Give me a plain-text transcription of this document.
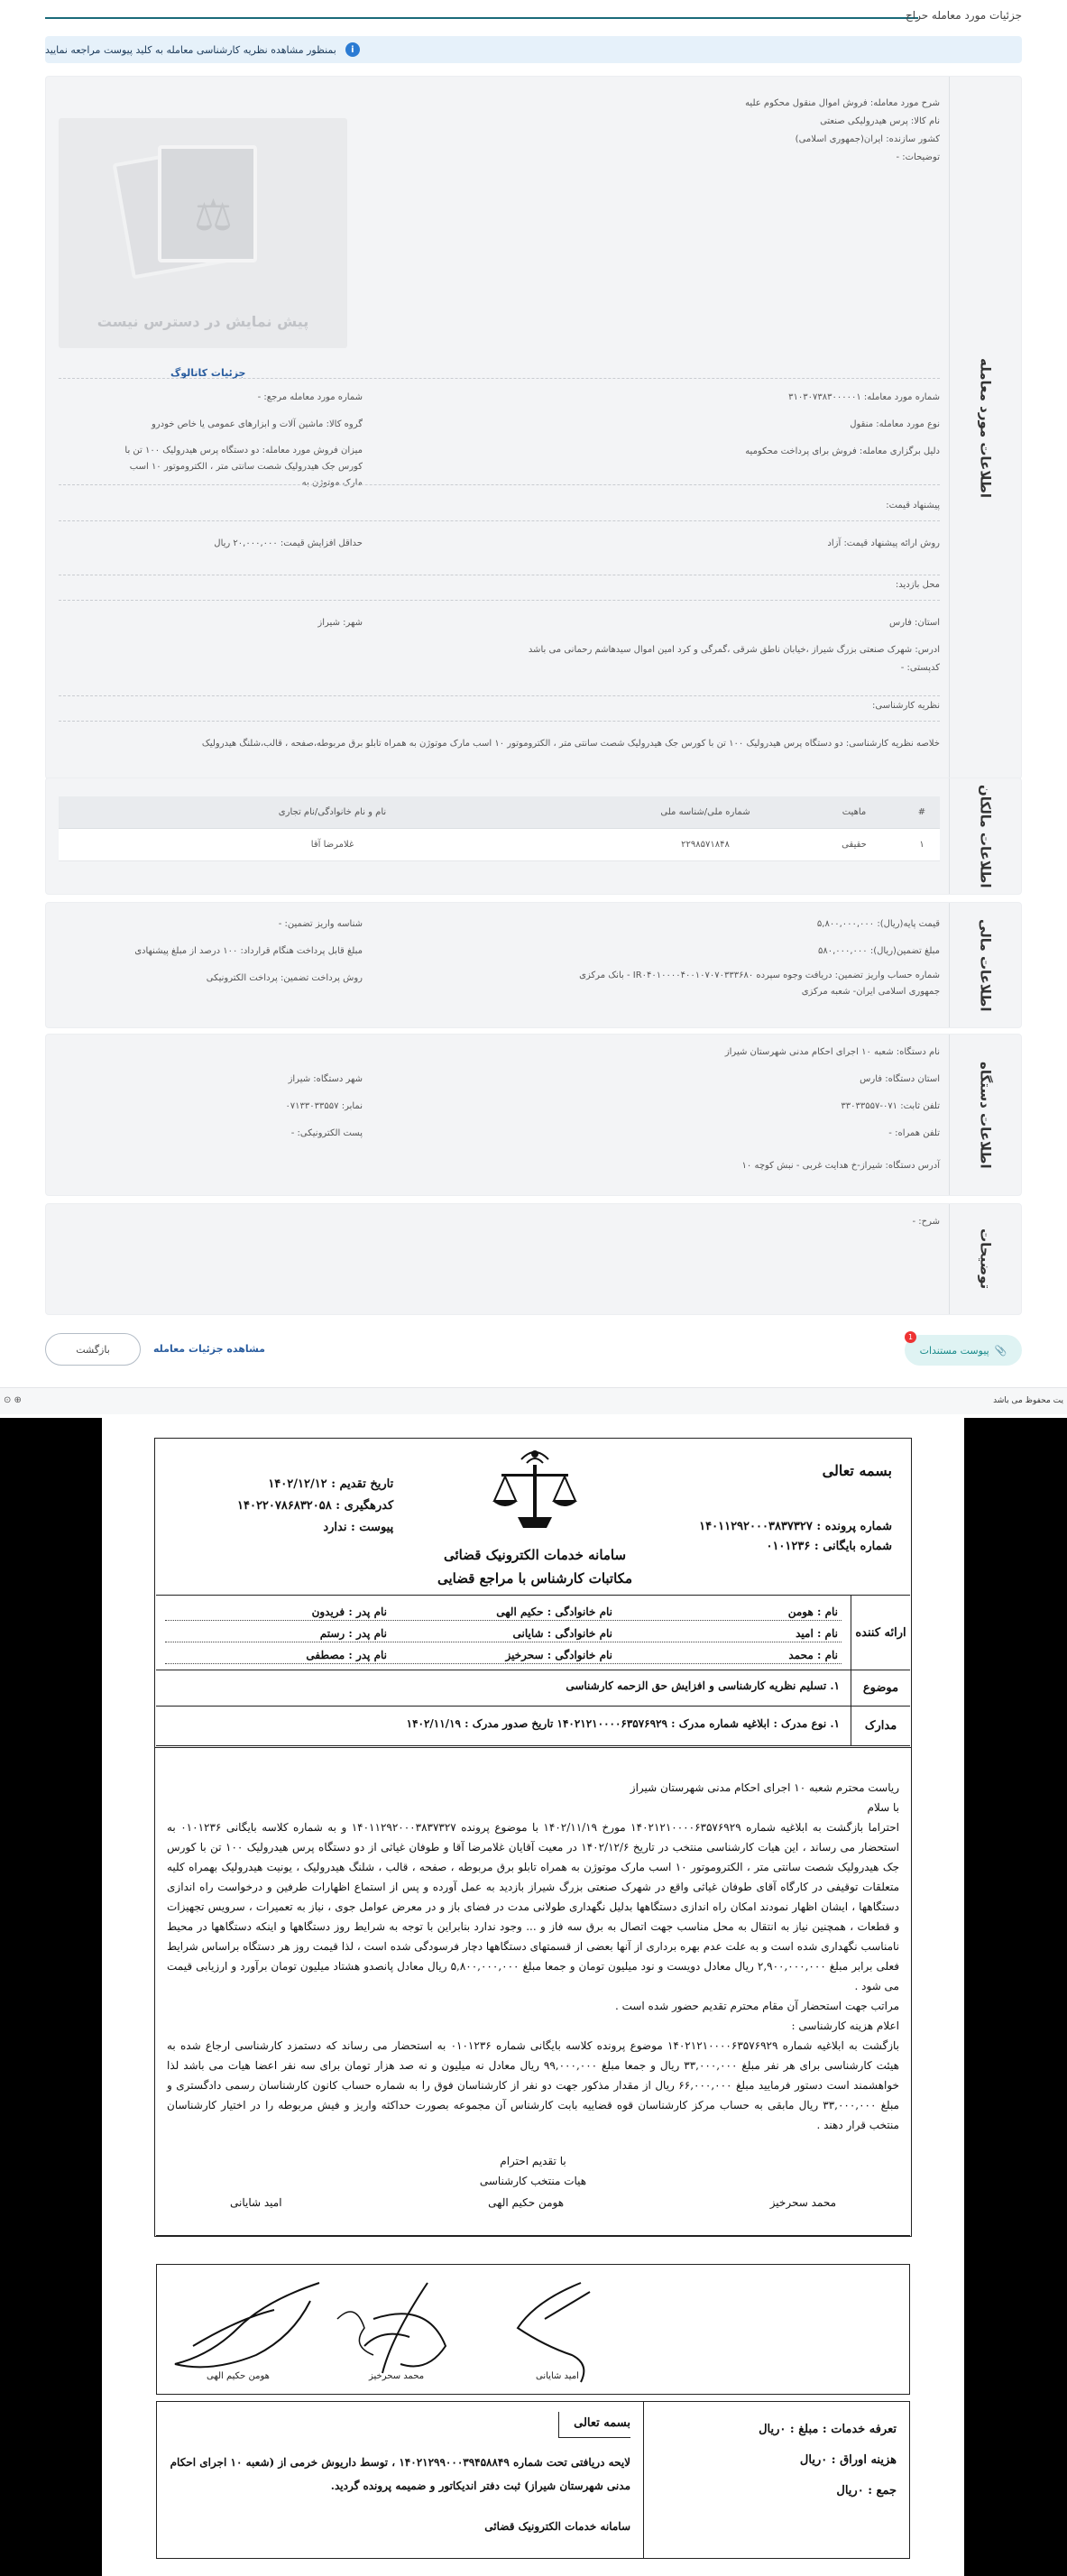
جزئیات مورد معامله حراج
i
بمنظور مشاهده نظریه کارشناسی معامله به کلید پیوست مراجعه نمایید
اطلاعات مورد معامله
شرح مورد معامله: فروش اموال منقول محکوم علیه
نام کالا: پرس هیدرولیکی صنعتی
کشور سازنده: ایران(جمهوری اسلامی)
توضیحات: -
⚖
پیش نمایش در دسترس نیست
جزئیات کاتالوگ
شماره مورد معامله: ۳۱۰۳۰۷۳۸۳۰۰۰۰۰۱
شماره مورد معامله مرجع: -
نوع مورد معامله: منقول
گروه کالا: ماشین آلات و ابزارهای عمومی یا خاص خودرو
دلیل برگزاری معامله: فروش برای پرداخت محکومیه
میزان فروش مورد معامله: دو دستگاه پرس هیدرولیک ۱۰۰ تن با کورس جک هیدرولیک شصت سانتی متر ، الکتروموتور ۱۰ اسب مارک موتوژن به
پیشنهاد قیمت:
روش ارائه پیشنهاد قیمت: آزاد
حداقل افزایش قیمت: ۲۰,۰۰۰,۰۰۰ ریال
محل بازدید:
استان: فارس
شهر: شیراز
ادرس: شهرک صنعتی بزرگ شیراز ،خیابان ناطق شرقی ،گمرگی و کرد امین اموال سیدهاشم رحمانی می باشد
کدپستی: -
نظریه کارشناسی:
خلاصه نظریه کارشناسی: دو دستگاه پرس هیدرولیک ۱۰۰ تن با کورس جک هیدرولیک شصت سانتی متر ، الکتروموتور ۱۰ اسب مارک موتوژن به همراه تابلو برق مربوطه،صفحه ، قالب،شلنگ هیدرولیک
اطلاعات مالکان
#	ماهیت	شماره ملی/شناسه ملی	نام و نام خانوادگی/نام تجاری
۱	حقیقی	۲۲۹۸۵۷۱۸۴۸	غلامرضا آقا
اطلاعات مالی
قیمت پایه(ریال): ۵,۸۰۰,۰۰۰,۰۰۰
شناسه واریز تضمین: -
مبلغ تضمین(ریال): ۵۸۰,۰۰۰,۰۰۰
مبلغ قابل پرداخت هنگام قرارداد: ۱۰۰ درصد از مبلغ پیشنهادی
شماره حساب واریز تضمین: دریافت وجوه سپرده IR۰۴۰۱۰۰۰۰۴۰۰۱۰۷۰۷۰۳۳۳۶۸۰ - بانک مرکزی جمهوری اسلامی ایران- شعبه مرکزی
روش پرداخت تضمین: پرداخت الکترونیکی
اطلاعات دستگاه
نام دستگاه: شعبه ۱۰ اجرای احکام مدنی شهرستان شیراز
استان دستگاه: فارس
شهر دستگاه: شیراز
تلفن ثابت: ۰۷۱-۳۳۰۳۳۵۵۷
نمابر: ۰۷۱۳۳۰۳۳۵۵۷
تلفن همراه: -
پست الکترونیکی: -
آدرس دستگاه: شیراز-خ هدایت غربی - نبش کوچه ۱۰
توضیحات
شرح: -
📎
پیوست مستندات
1
مشاهده جزئیات معامله
بازگشت
⊙ ⊕	یت محفوظ می باشد
بسمه تعالی
شماره پرونده : ۱۴۰۱۱۲۹۲۰۰۰۳۸۳۷۳۲۷
شماره بایگانی : ۰۱۰۱۲۳۶
سامانه خدمات الکترونیک قضائی
مکاتبات کارشناس با مراجع قضایی
تاریخ تقدیم : ۱۴۰۲/۱۲/۱۲
کدرهگیری : ۱۴۰۲۲۰۷۸۶۸۳۲۰۵۸
پیوست : ندارد
ارائه کننده
نام : هومن
نام خانوادگی : حکیم الهی
نام پدر : فریدون
نام : امید
نام خانوادگی : شایانی
نام پدر : رستم
نام : محمد
نام خانوادگی : سحرخیز
نام پدر : مصطفی
موضوع
۱. تسلیم نظریه کارشناسی و افزایش حق الزحمه کارشناسی
مدارک
۱. نوع مدرک : ابلاغیه شماره مدرک : ۱۴۰۲۱۲۱۰۰۰۰۶۳۵۷۶۹۲۹ تاریخ صدور مدرک : ۱۴۰۲/۱۱/۱۹

ریاست محترم شعبه ۱۰ اجرای احکام مدنی شهرستان شیراز

با سلام

احتراما بازگشت به ابلاغیه شماره ۱۴۰۲۱۲۱۰۰۰۰۶۳۵۷۶۹۲۹ مورخ ۱۴۰۲/۱۱/۱۹ با موضوع پرونده ۱۴۰۱۱۲۹۲۰۰۰۳۸۳۷۳۲۷ و به شماره کلاسه بایگانی ۰۱۰۱۲۳۶ به استحضار می رساند ، این هیات کارشناسی منتخب در تاریخ ۱۴۰۲/۱۲/۶ در معیت آقایان غلامرضا آقا و طوفان غیاثی از دو دستگاه پرس هیدرولیک ۱۰۰ تن با کورس جک هیدرولیک شصت سانتی متر ، الکتروموتور ۱۰ اسب مارک موتوژن به همراه تابلو برق مربوطه ، صفحه ، قالب ، شلنگ هیدرولیک ، یونیت هیدرولیک بهمراه کلیه متعلقات توقیفی در کارگاه آقای طوفان غیاثی واقع در شهرک صنعتی بزرگ شیراز بازدید به عمل آورده و پس از استماع اظهارات طرفین و درخواست راه اندازی دستگاهها ، ایشان اظهار نمودند امکان راه اندازی دستگاهها بدلیل نگهداری طولانی مدت در فضای باز و در معرض عوامل جوی ، نیاز به تعمیرات ، سرویس تجهیزات و قطعات ، همچنین نیاز به انتقال به محل مناسب جهت اتصال به برق سه فاز و ... وجود ندارد بنابراین با توجه به شرایط روز دستگاهها و اینکه دستگاهها در محیط نامناسب نگهداری شده است و به علت عدم بهره برداری از آنها بعضی از قسمتهای دستگاهها دچار فرسودگی شده است ، لذا قیمت روز هر دستگاه براساس شرایط فعلی برابر مبلغ ۲,۹۰۰,۰۰۰,۰۰۰ ریال معادل دویست و نود میلیون تومان و جمعا مبلغ ۵,۸۰۰,۰۰۰,۰۰۰ ریال معادل پانصدو هشتاد میلیون تومان برآورد و ارزیابی قیمت می شود .

مراتب جهت استحضار آن مقام محترم تقدیم حضور شده است .

اعلام هزینه کارشناسی :

بازگشت به ابلاغیه شماره ۱۴۰۲۱۲۱۰۰۰۰۶۳۵۷۶۹۲۹ موضوع پرونده کلاسه بایگانی شماره ۰۱۰۱۲۳۶ به استحضار می رساند که دستمزد کارشناسی ارجاع شده به هیئت کارشناسی برای هر نفر مبلغ ۳۳,۰۰۰,۰۰۰ ریال و جمعا مبلغ ۹۹,۰۰۰,۰۰۰ ریال معادل نه میلیون و نه صد هزار تومان برای سه نفر اعضا هیات می باشد لذا خواهشمند است دستور فرمایید مبلغ ۶۶,۰۰۰,۰۰۰ ریال از مقدار مذکور جهت دو نفر از کارشناسان فوق را به شماره حساب کانون کارشناسان رسمی دادگستری و مبلغ ۳۳,۰۰۰,۰۰۰ ریال مابقی به حساب مرکز کارشناسان قوه قضاییه بابت کارشناس آن مجموعه بصورت حداکثه واریز و فیش مربوطه را در اختیار کارشناسان منتخب قرار دهند .

با تقدیم احترام

هیات منتخب کارشناسی

محمد سحرخیز
هومن حکیم الهی
امید شایانی
امید شایانی
محمد سحرخیز
هومن حکیم الهی
تعرفه خدمات : مبلغ : ۰ریال
هزینه اوراق : ۰ریال
جمع : ۰ریال
بسمه تعالی

لایحه دریافتی تحت شماره ۱۴۰۲۱۲۹۹۰۰۰۳۹۴۵۸۸۴۹ ، توسط داریوش خرمی از (شعبه ۱۰ اجرای احکام مدنی شهرستان شیراز) ثبت دفتر اندیکاتور و ضمیمه پرونده گردید.

سامانه خدمات الکترونیک قضائی
